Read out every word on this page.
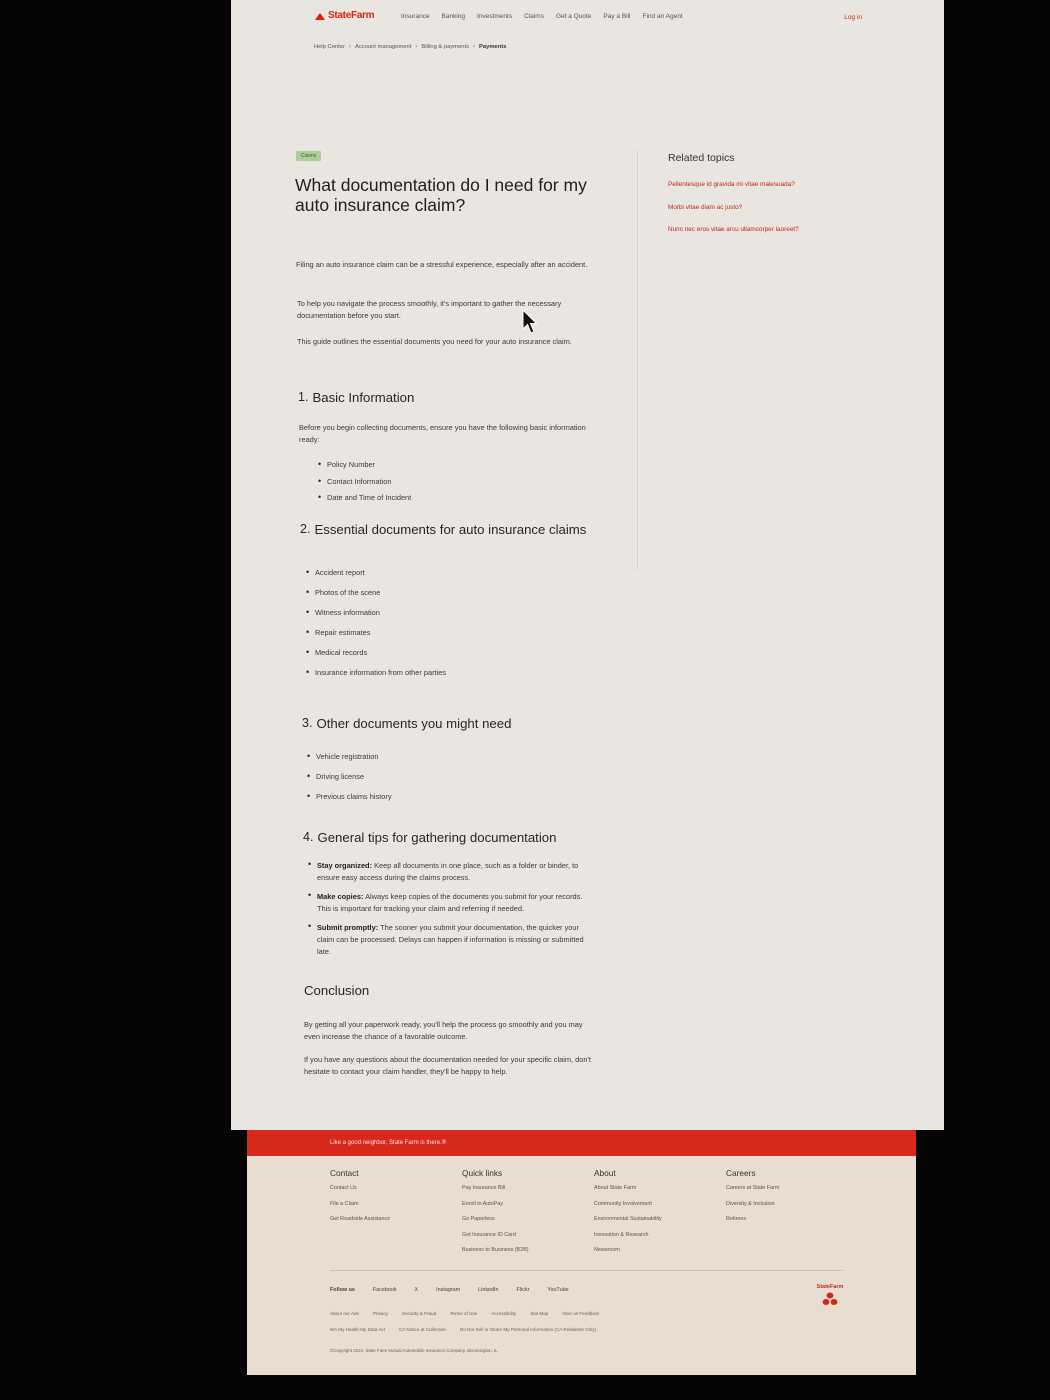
StateFarm	Insurance Banking Investments Claims Get a Quote Pay a Bill Find an Agent	Log in
Help Center › Account management › Billing & payments › Payments
Claims
What documentation do I need for my auto insurance claim?

Filing an auto insurance claim can be a stressful experience, especially after an accident.

To help you navigate the process smoothly, it's important to gather the necessary documentation before you start.

This guide outlines the essential documents you need for your auto insurance claim.

1. Basic Information

Before you begin collecting documents, ensure you have the following basic information ready:

• Policy Number
• Contact Information
• Date and Time of Incident
2. Essential documents for auto insurance claims
• Accident report
• Photos of the scene
• Witness information
• Repair estimates
• Medical records
• Insurance information from other parties
3. Other documents you might need
• Vehicle registration
• Driving license
• Previous claims history
4. General tips for gathering documentation
• Stay organized: Keep all documents in one place, such as a folder or binder, to ensure easy access during the claims process.
• Make copies: Always keep copies of the documents you submit for your records. This is important for tracking your claim and referring if needed.
• Submit promptly: The sooner you submit your documentation, the quicker your claim can be processed. Delays can happen if information is missing or submitted late.
Conclusion

By getting all your paperwork ready, you'll help the process go smoothly and you may even increase the chance of a favorable outcome.

If you have any questions about the documentation needed for your specific claim, don't hesitate to contact your claim handler, they'll be happy to help.

Related topics
Pellentesque id gravida mi vitae malesuada?
Morbi vitae diam ac justo?
Nunc nec eros vitae arcu ullamcorper laoreet?
Like a good neighbor, State Farm is there.®
Contact
Contact Us
File a Claim
Get Roadside Assistance
Quick links
Pay Insurance Bill
Enroll in AutoPay
Go Paperless
Get Insurance ID Card
Business to Business (B2B)
About
About State Farm
Community Involvement
Environmental Sustainability
Innovation & Research
Newsroom
Careers
Careers at State Farm
Diversity & Inclusion
Retirees
Follow us	Facebook	X	Instagram	LinkedIn	Flickr	YouTube
About our Ads	Privacy	Security & Fraud	Terms of Use	Accessibility	Site Map	Give us Feedback
WA My Health My Data Act	CA Notice at Collection	Do Not Sell or Share My Personal Information (CA Residents Only)
©Copyright 2024, State Farm Mutual Automobile Insurance Company, Bloomington, IL
StateFarm
